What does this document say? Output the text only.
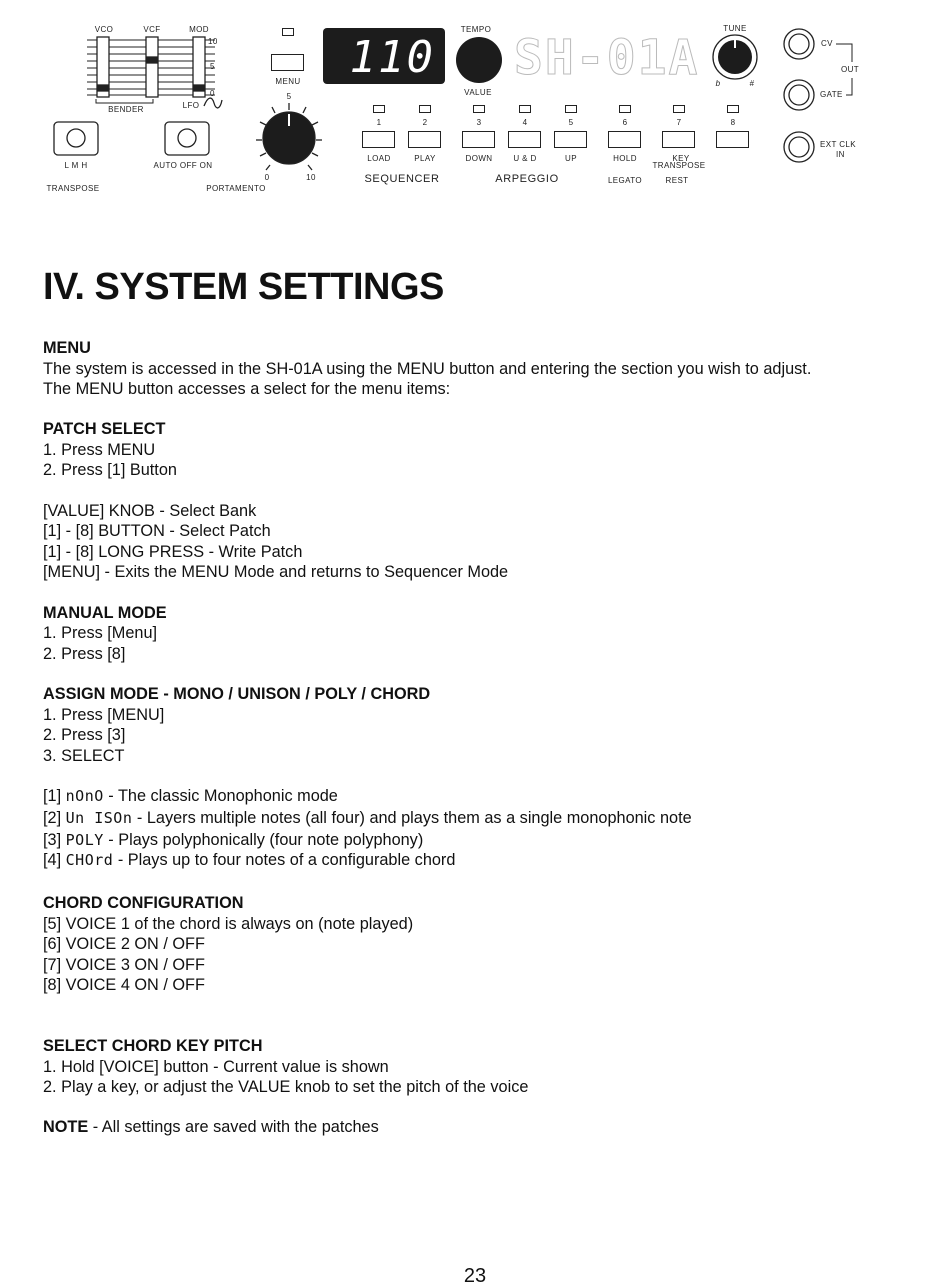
VCO	VCF	MOD
10
5
0
BENDER	LFO
L M H
TRANSPOSE
AUTO OFF ON
PORTAMENTO
0
5
10
MENU 110
TEMPO
VALUE
SH-01A
TUNE
b	#
1	2	3	4	5	6	7	8
LOAD	PLAY	DOWN	U & D	UP	HOLD	KEY
TRANSPOSE
SEQUENCER	ARPEGGIO	LEGATO	REST
CV
OUT
GATE
EXT CLK
IN
IV. SYSTEM SETTINGS
MENU
The system is accessed in the SH-01A using the MENU button and entering the section you wish to adjust.
The MENU button accesses a select for the menu items:
PATCH SELECT
1. Press MENU
2. Press [1] Button
[VALUE] KNOB - Select Bank
[1] - [8] BUTTON - Select Patch
[1] - [8] LONG PRESS - Write Patch
[MENU] - Exits the MENU Mode and returns to Sequencer Mode
MANUAL MODE
1. Press [Menu]
2. Press [8]
ASSIGN MODE - MONO / UNISON / POLY / CHORD
1. Press [MENU]
2. Press [3]
3. SELECT
[1] nOnO - The classic Monophonic mode
[2] Un ISOn - Layers multiple notes (all four) and plays them as a single monophonic note
[3] POLY - Plays polyphonically (four note polyphony)
[4] CHOrd - Plays up to four notes of a configurable chord
CHORD CONFIGURATION
[5] VOICE 1 of the chord is always on (note played)
[6] VOICE 2 ON / OFF
[7] VOICE 3 ON / OFF
[8] VOICE 4 ON / OFF
SELECT CHORD KEY PITCH
1. Hold [VOICE] button - Current value is shown
2. Play a key, or adjust the VALUE knob to set the pitch of the voice
NOTE - All settings are saved with the patches
23
